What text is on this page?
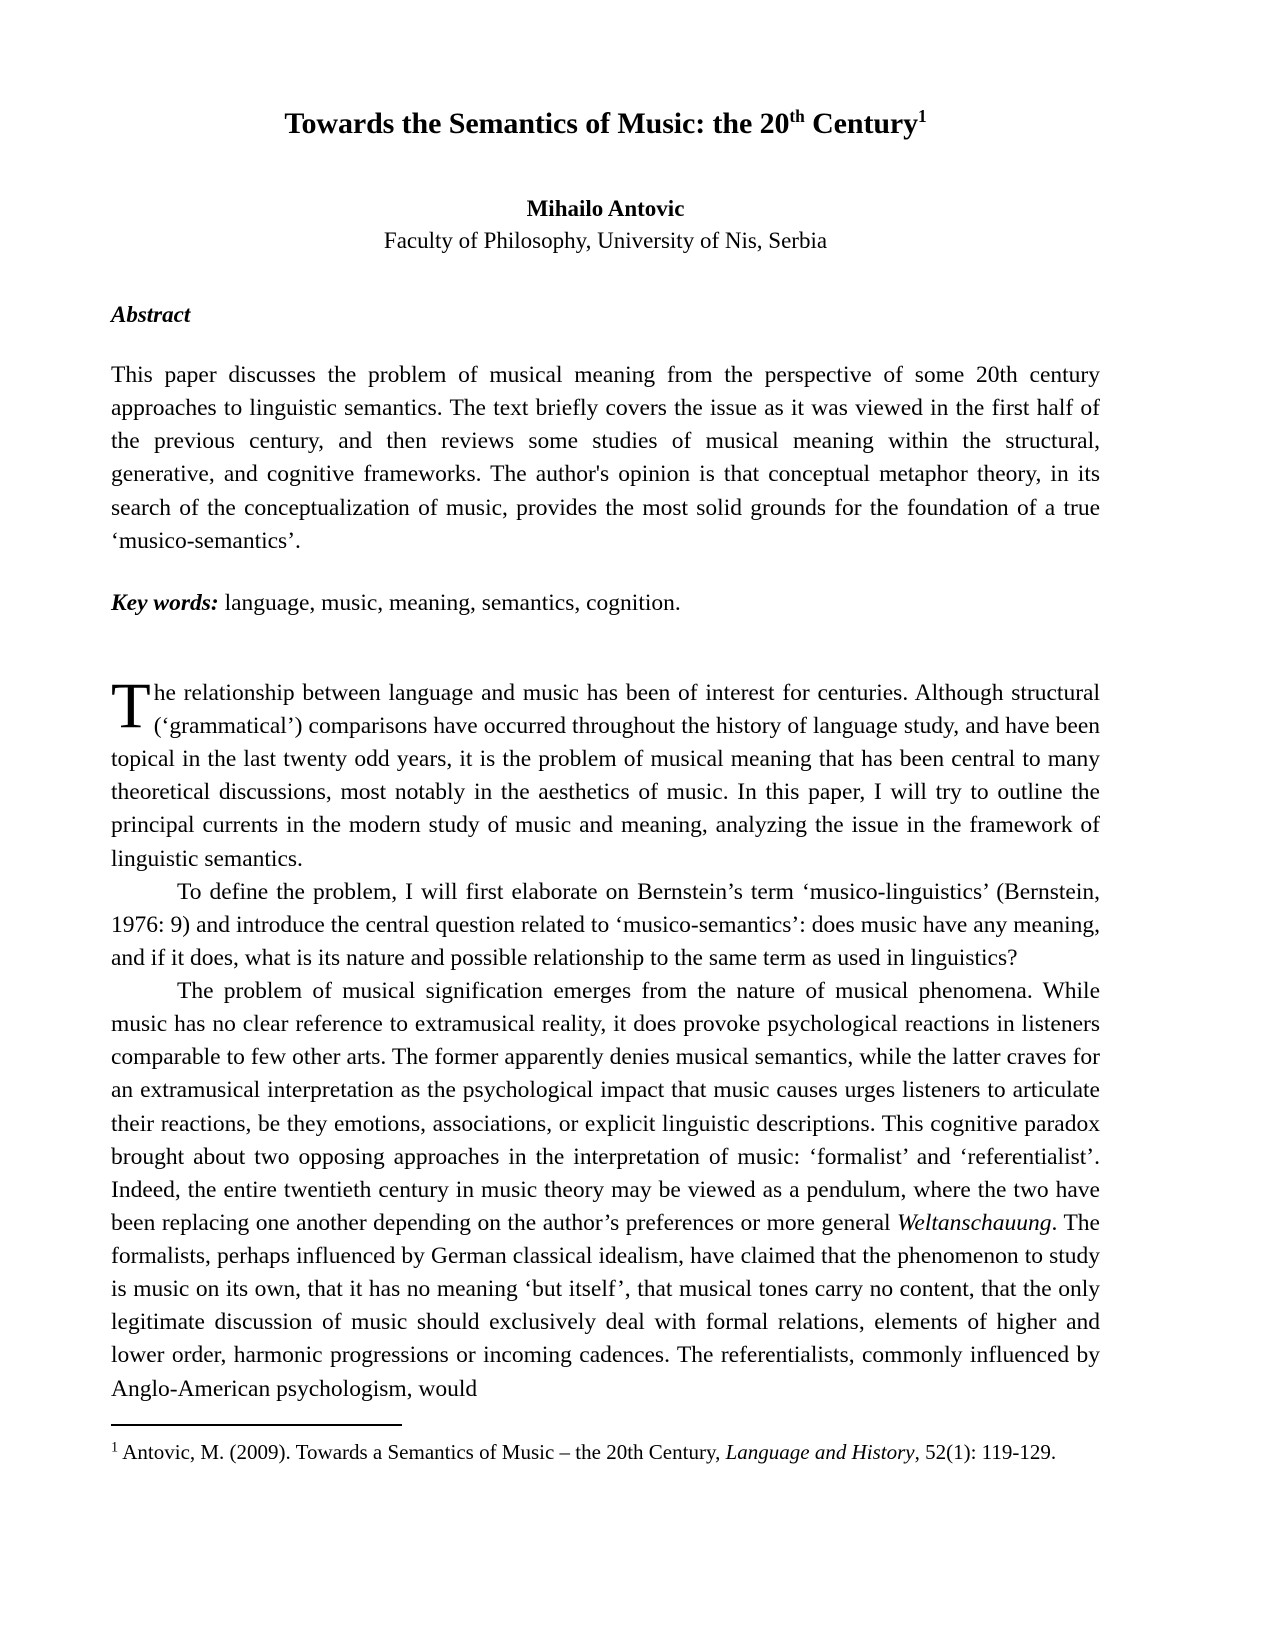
Towards the Semantics of Music: the 20th Century$^1$

Mihailo Antovic

Faculty of Philosophy, University of Nis, Serbia

Abstract

This paper discusses the problem of musical meaning from the perspective of some 20th century approaches to linguistic semantics. The text briefly covers the issue as it was viewed in the first half of the previous century, and then reviews some studies of musical meaning within the structural, generative, and cognitive frameworks. The author's opinion is that conceptual metaphor theory, in its search of the conceptualization of music, provides the most solid grounds for the foundation of a true ‘musico-semantics’.

Key words: language, music, meaning, semantics, cognition.

The relationship between language and music has been of interest for centuries. Although structural (‘grammatical’) comparisons have occurred throughout the history of language study, and have been topical in the last twenty odd years, it is the problem of musical meaning that has been central to many theoretical discussions, most notably in the aesthetics of music. In this paper, I will try to outline the principal currents in the modern study of music and meaning, analyzing the issue in the framework of linguistic semantics.

To define the problem, I will first elaborate on Bernstein’s term ‘musico-linguistics’ (Bernstein, 1976: 9) and introduce the central question related to ‘musico-semantics’: does music have any meaning, and if it does, what is its nature and possible relationship to the same term as used in linguistics?

The problem of musical signification emerges from the nature of musical phenomena. While music has no clear reference to extramusical reality, it does provoke psychological reactions in listeners comparable to few other arts. The former apparently denies musical semantics, while the latter craves for an extramusical interpretation as the psychological impact that music causes urges listeners to articulate their reactions, be they emotions, associations, or explicit linguistic descriptions. This cognitive paradox brought about two opposing approaches in the interpretation of music: ‘formalist’ and ‘referentialist’. Indeed, the entire twentieth century in music theory may be viewed as a pendulum, where the two have been replacing one another depending on the author’s preferences or more general Weltanschauung. The formalists, perhaps influenced by German classical idealism, have claimed that the phenomenon to study is music on its own, that it has no meaning ‘but itself’, that musical tones carry no content, that the only legitimate discussion of music should exclusively deal with formal relations, elements of higher and lower order, harmonic progressions or incoming cadences. The referentialists, commonly influenced by Anglo-American psychologism, would

$^1$ Antovic, M. (2009). Towards a Semantics of Music – the 20th Century, Language and History, 52(1): 119-129.
